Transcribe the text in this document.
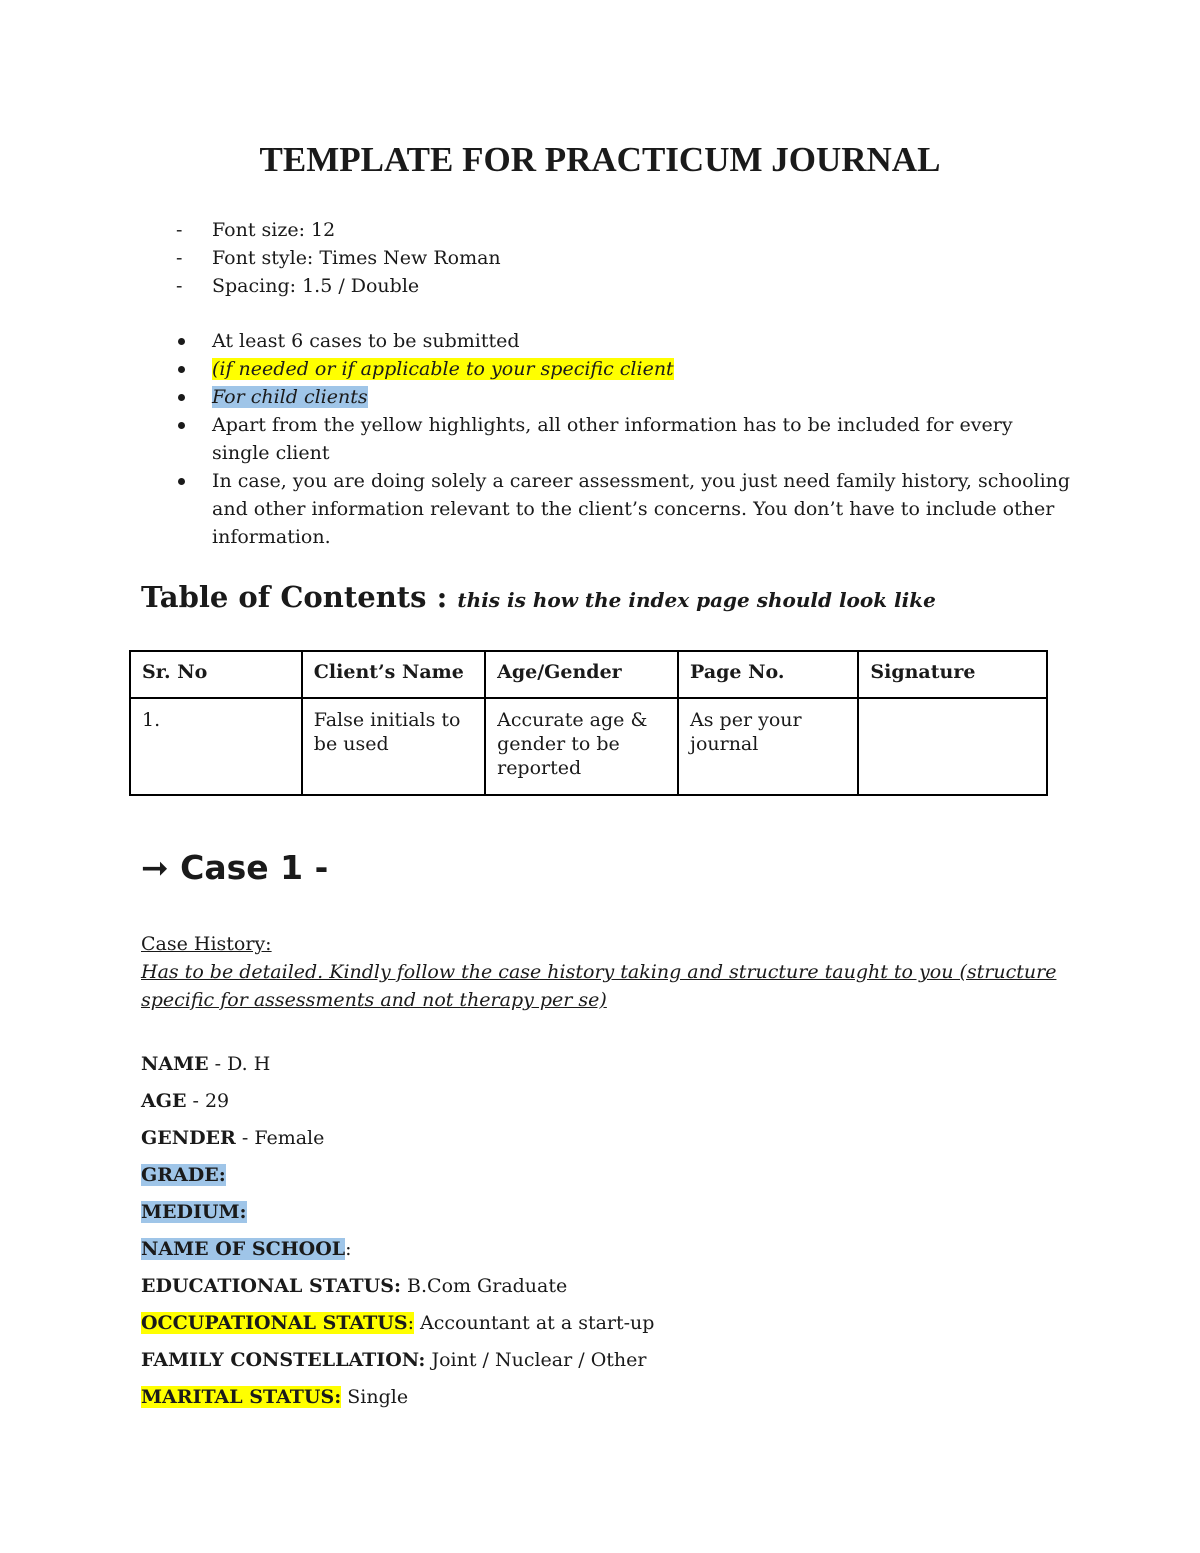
TEMPLATE FOR PRACTICUM JOURNAL
- Font size: 12
- Font style: Times New Roman
- Spacing: 1.5 / Double
At least 6 cases to be submitted
(if needed or if applicable to your specific client
For child clients
Apart from the yellow highlights, all other information has to be included for every single client
In case, you are doing solely a career assessment, you just need family history, schooling and other information relevant to the client’s concerns. You don’t have to include other information.
Table of Contents : this is how the index page should look like
Sr. No	Client’s Name	Age/Gender	Page No.	Signature
1.	False initials to be used	Accurate age & gender to be reported	As per your journal	
➞ Case 1 -
Case History:
Has to be detailed. Kindly follow the case history taking and structure taught to you (structure specific for assessments and not therapy per se)
NAME - D. H
AGE - 29
GENDER - Female
GRADE:
MEDIUM:
NAME OF SCHOOL:
EDUCATIONAL STATUS: B.Com Graduate
OCCUPATIONAL STATUS: Accountant at a start-up
FAMILY CONSTELLATION: Joint / Nuclear / Other
MARITAL STATUS: Single
